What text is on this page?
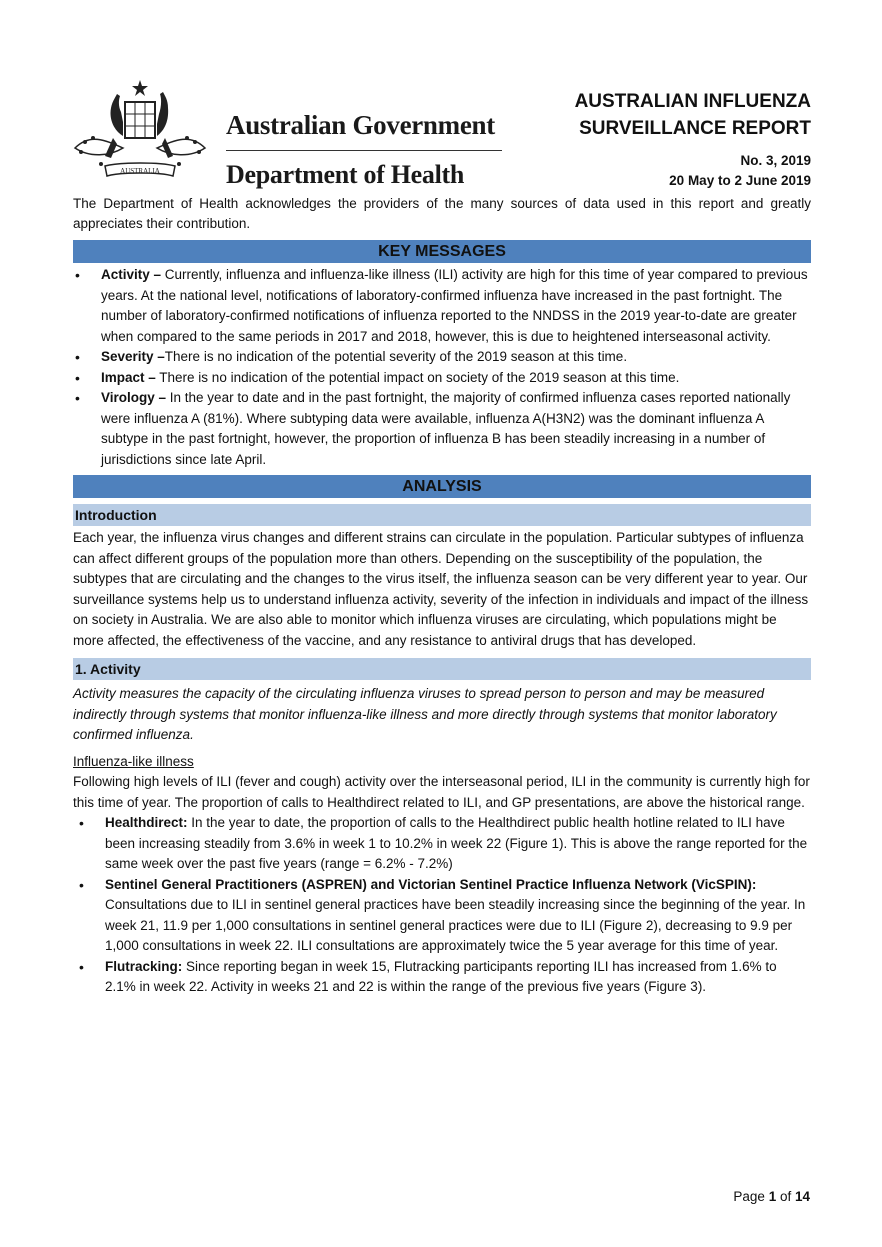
AUSTRALIA
Australian Government
Department of Health
AUSTRALIAN INFLUENZA
SURVEILLANCE REPORT
No. 3, 2019
20 May to 2 June 2019

The Department of Health acknowledges the providers of the many sources of data used in this report and greatly appreciates their contribution.

KEY MESSAGES
• Activity – Currently, influenza and influenza-like illness (ILI) activity are high for this time of year compared to previous years. At the national level, notifications of laboratory-confirmed influenza have increased in the past fortnight. The number of laboratory-confirmed notifications of influenza reported to the NNDSS in the 2019 year-to-date are greater when compared to the same periods in 2017 and 2018, however, this is due to heightened interseasonal activity.
• Severity –There is no indication of the potential severity of the 2019 season at this time.
• Impact – There is no indication of the potential impact on society of the 2019 season at this time.
• Virology – In the year to date and in the past fortnight, the majority of confirmed influenza cases reported nationally were influenza A (81%). Where subtyping data were available, influenza A(H3N2) was the dominant influenza A subtype in the past fortnight, however, the proportion of influenza B has been steadily increasing in a number of jurisdictions since late April.
ANALYSIS
Introduction

Each year, the influenza virus changes and different strains can circulate in the population. Particular subtypes of influenza can affect different groups of the population more than others. Depending on the susceptibility of the population, the subtypes that are circulating and the changes to the virus itself, the influenza season can be very different year to year. Our surveillance systems help us to understand influenza activity, severity of the infection in individuals and impact of the illness on society in Australia. We are also able to monitor which influenza viruses are circulating, which populations might be more affected, the effectiveness of the vaccine, and any resistance to antiviral drugs that has developed.

1. Activity

Activity measures the capacity of the circulating influenza viruses to spread person to person and may be measured indirectly through systems that monitor influenza-like illness and more directly through systems that monitor laboratory confirmed influenza.

Influenza-like illness

Following high levels of ILI (fever and cough) activity over the interseasonal period, ILI in the community is currently high for this time of year. The proportion of calls to Healthdirect related to ILI, and GP presentations, are above the historical range.

• Healthdirect: In the year to date, the proportion of calls to the Healthdirect public health hotline related to ILI have been increasing steadily from 3.6% in week 1 to 10.2% in week 22 (Figure 1). This is above the range reported for the same week over the past five years (range = 6.2% - 7.2%)
• Sentinel General Practitioners (ASPREN) and Victorian Sentinel Practice Influenza Network (VicSPIN): Consultations due to ILI in sentinel general practices have been steadily increasing since the beginning of the year. In week 21, 11.9 per 1,000 consultations in sentinel general practices were due to ILI (Figure 2), decreasing to 9.9 per 1,000 consultations in week 22. ILI consultations are approximately twice the 5 year average for this time of year.
• Flutracking: Since reporting began in week 15, Flutracking participants reporting ILI has increased from 1.6% to 2.1% in week 22. Activity in weeks 21 and 22 is within the range of the previous five years (Figure 3).
Page 1 of 14
